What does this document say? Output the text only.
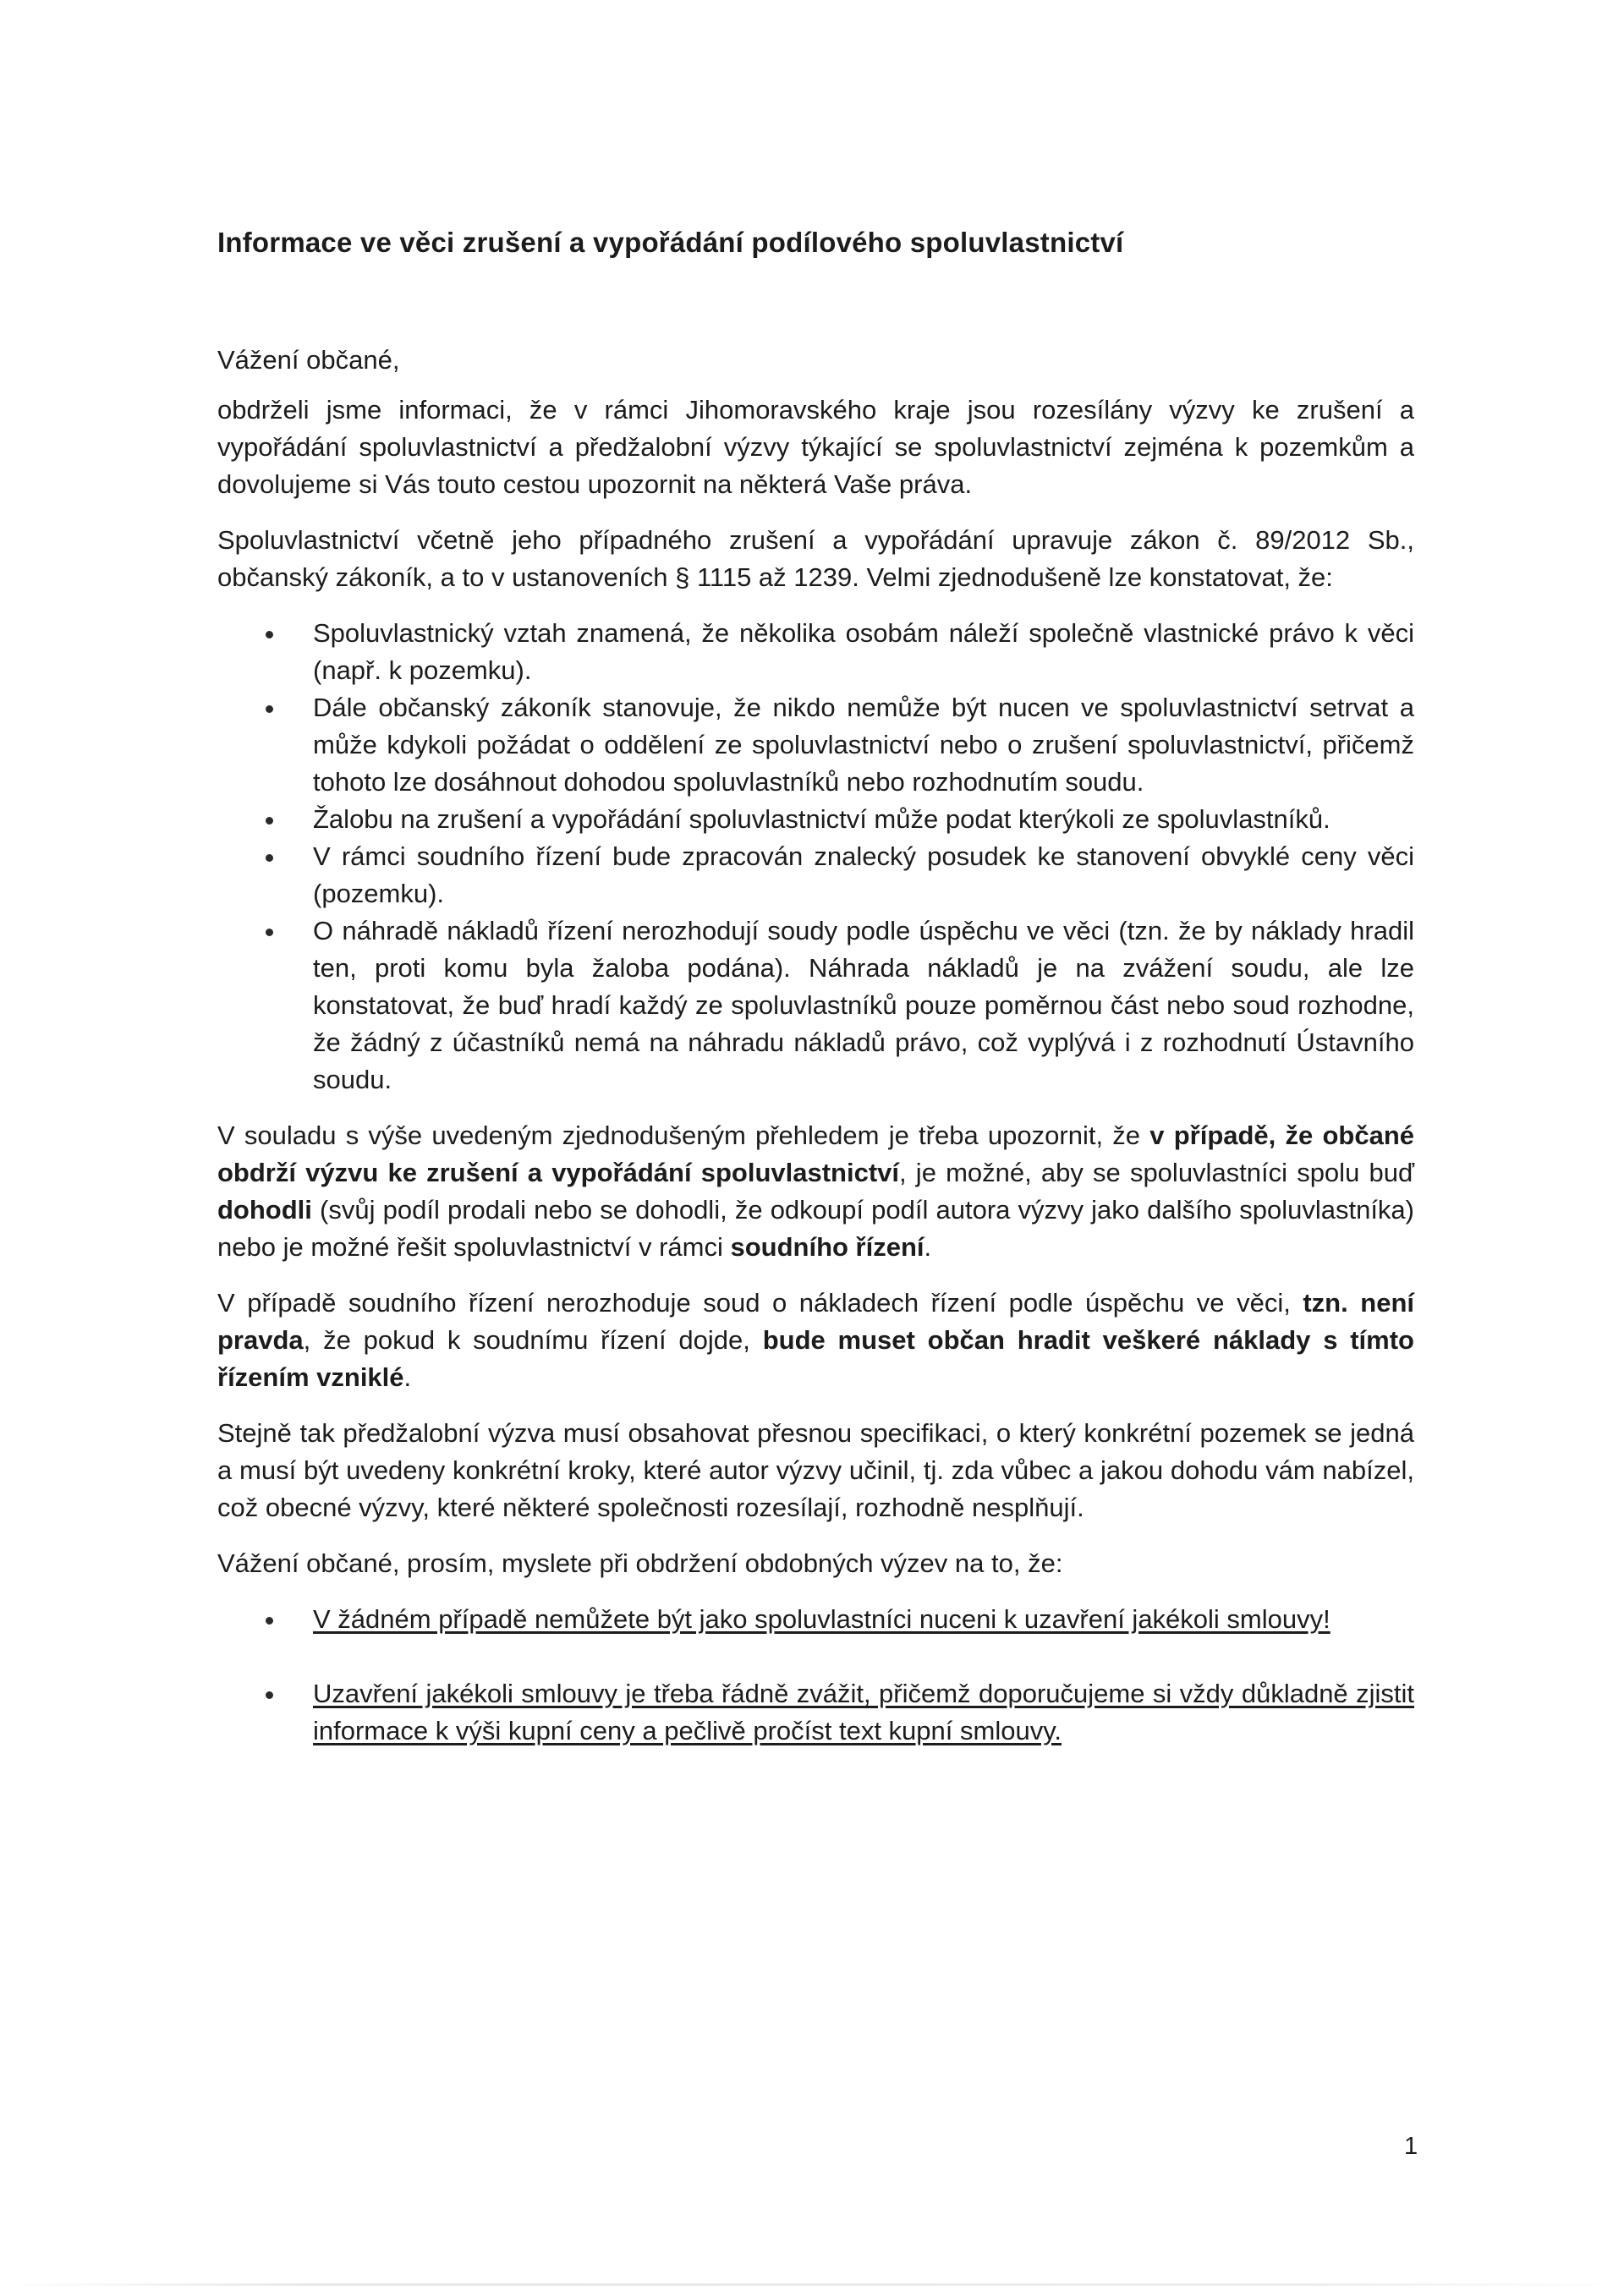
Informace ve věci zrušení a vypořádání podílového spoluvlastnictví
Vážení občané,

obdrželi jsme informaci, že v rámci Jihomoravského kraje jsou rozesílány výzvy ke zrušení a vypořádání spoluvlastnictví a předžalobní výzvy týkající se spoluvlastnictví zejména k pozemkům a dovolujeme si Vás touto cestou upozornit na některá Vaše práva.

Spoluvlastnictví včetně jeho případného zrušení a vypořádání upravuje zákon č. 89/2012 Sb., občanský zákoník, a to v ustanoveních § 1115 až 1239. Velmi zjednodušeně lze konstatovat, že:

Spoluvlastnický vztah znamená, že několika osobám náleží společně vlastnické právo k věci (např. k pozemku).
Dále občanský zákoník stanovuje, že nikdo nemůže být nucen ve spoluvlastnictví setrvat a může kdykoli požádat o oddělení ze spoluvlastnictví nebo o zrušení spoluvlastnictví, přičemž tohoto lze dosáhnout dohodou spoluvlastníků nebo rozhodnutím soudu.
Žalobu na zrušení a vypořádání spoluvlastnictví může podat kterýkoli ze spoluvlastníků.
V rámci soudního řízení bude zpracován znalecký posudek ke stanovení obvyklé ceny věci (pozemku).
O náhradě nákladů řízení nerozhodují soudy podle úspěchu ve věci (tzn. že by náklady hradil ten, proti komu byla žaloba podána). Náhrada nákladů je na zvážení soudu, ale lze konstatovat, že buď hradí každý ze spoluvlastníků pouze poměrnou část nebo soud rozhodne, že žádný z účastníků nemá na náhradu nákladů právo, což vyplývá i z rozhodnutí Ústavního soudu.

V souladu s výše uvedeným zjednodušeným přehledem je třeba upozornit, že v případě, že občané obdrží výzvu ke zrušení a vypořádání spoluvlastnictví, je možné, aby se spoluvlastníci spolu buď dohodli (svůj podíl prodali nebo se dohodli, že odkoupí podíl autora výzvy jako dalšího spoluvlastníka) nebo je možné řešit spoluvlastnictví v rámci soudního řízení.

V případě soudního řízení nerozhoduje soud o nákladech řízení podle úspěchu ve věci, tzn. není pravda, že pokud k soudnímu řízení dojde, bude muset občan hradit veškeré náklady s tímto řízením vzniklé.

Stejně tak předžalobní výzva musí obsahovat přesnou specifikaci, o který konkrétní pozemek se jedná a musí být uvedeny konkrétní kroky, které autor výzvy učinil, tj. zda vůbec a jakou dohodu vám nabízel, což obecné výzvy, které některé společnosti rozesílají, rozhodně nesplňují.

Vážení občané, prosím, myslete při obdržení obdobných výzev na to, že:

V žádném případě nemůžete být jako spoluvlastníci nuceni k uzavření jakékoli smlouvy!
Uzavření jakékoli smlouvy je třeba řádně zvážit, přičemž doporučujeme si vždy důkladně zjistit informace k výši kupní ceny a pečlivě pročíst text kupní smlouvy.
1
